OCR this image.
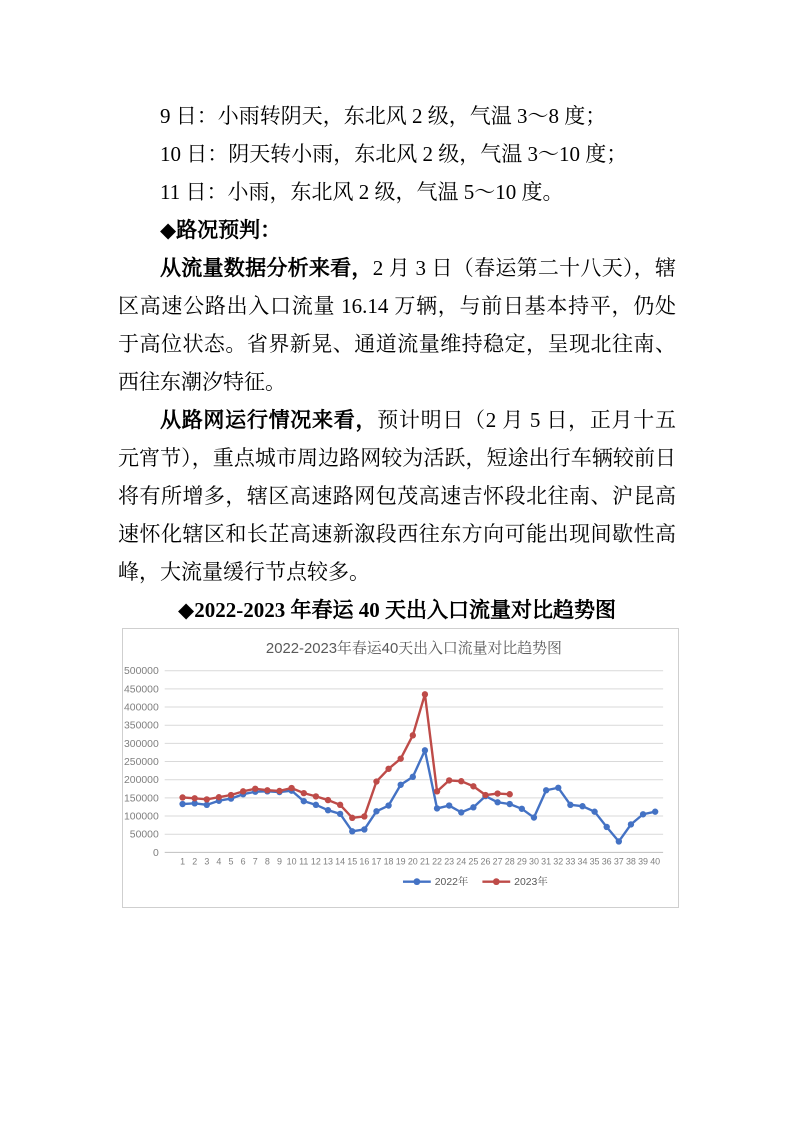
9 日：小雨转阴天，东北风 2 级，气温 3～8 度；
10 日：阴天转小雨，东北风 2 级，气温 3～10 度；
11 日：小雨，东北风 2 级，气温 5～10 度。
◆路况预判：

从流量数据分析来看，2 月 3 日（春运第二十八天），辖区高速公路出入口流量 16.14 万辆，与前日基本持平，仍处于高位状态。省界新晃、通道流量维持稳定，呈现北往南、西往东潮汐特征。

从路网运行情况来看，预计明日（2 月 5 日，正月十五元宵节），重点城市周边路网较为活跃，短途出行车辆较前日将有所增多，辖区高速路网包茂高速吉怀段北往南、沪昆高速怀化辖区和长芷高速新溆段西往东方向可能出现间歇性高峰，大流量缓行节点较多。

◆2022-2023 年春运 40 天出入口流量对比趋势图
2022-2023年春运40天出入口流量对比趋势图
0
50000
100000
150000
200000
250000
300000
350000
400000
450000
500000
1 2 3 4 5 6 7 8 9 10 11 12 13 14 15 16 17 18 19 20 21 22 23 24 25 26 27 28 29 30 31 32 33 34 35 36 37 38 39 40
2022年	2023年
